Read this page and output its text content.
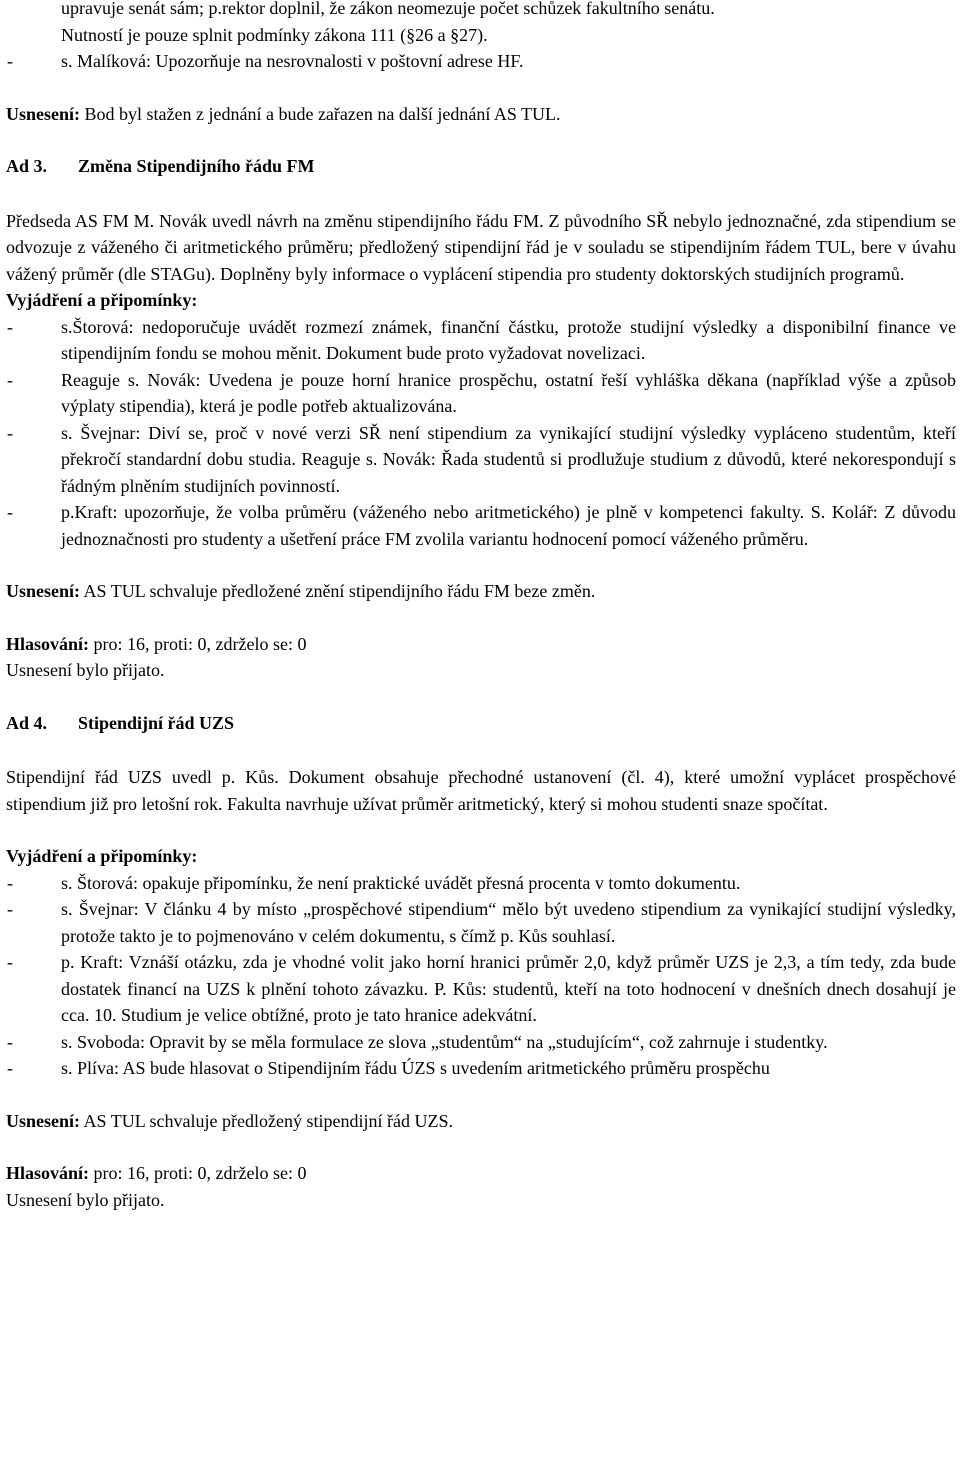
upravuje senát sám; p.rektor doplnil, že zákon neomezuje počet schůzek fakultního senátu.
Nutností je pouze splnit podmínky zákona 111 (§26 a §27).

-	s. Malíková: Upozorňuje na nesrovnalosti v poštovní adrese HF.

Usnesení: Bod byl stažen z jednání a bude zařazen na další jednání AS TUL.

Ad 3. Změna Stipendijního řádu FM

Předseda AS FM M. Novák uvedl návrh na změnu stipendijního řádu FM. Z původního SŘ nebylo jednoznačné, zda stipendium se odvozuje z váženého či aritmetického průměru; předložený stipendijní řád je v souladu se stipendijním řádem TUL, bere v úvahu vážený průměr (dle STAGu). Doplněny byly informace o vyplácení stipendia pro studenty doktorských studijních programů.

Vyjádření a připomínky:

-	s.Štorová: nedoporučuje uvádět rozmezí známek, finanční částku, protože studijní výsledky a disponibilní finance ve stipendijním fondu se mohou měnit. Dokument bude proto vyžadovat novelizaci.
-	Reaguje s. Novák: Uvedena je pouze horní hranice prospěchu, ostatní řeší vyhláška děkana (například výše a způsob výplaty stipendia), která je podle potřeb aktualizována.
-	s. Švejnar: Diví se, proč v nové verzi SŘ není stipendium za vynikající studijní výsledky vypláceno studentům, kteří překročí standardní dobu studia. Reaguje s. Novák: Řada studentů si prodlužuje studium z důvodů, které nekorespondují s řádným plněním studijních povinností.
-	p.Kraft: upozorňuje, že volba průměru (váženého nebo aritmetického) je plně v kompetenci fakulty. S. Kolář: Z důvodu jednoznačnosti pro studenty a ušetření práce FM zvolila variantu hodnocení pomocí váženého průměru.

Usnesení: AS TUL schvaluje předložené znění stipendijního řádu FM beze změn.

Hlasování: pro: 16, proti: 0, zdrželo se: 0

Usnesení bylo přijato.

Ad 4. Stipendijní řád UZS

Stipendijní řád UZS uvedl p. Kůs. Dokument obsahuje přechodné ustanovení (čl. 4), které umožní vyplácet prospěchové stipendium již pro letošní rok. Fakulta navrhuje užívat průměr aritmetický, který si mohou studenti snaze spočítat.

Vyjádření a připomínky:

-	s. Štorová: opakuje připomínku, že není praktické uvádět přesná procenta v tomto dokumentu.
-	s. Švejnar: V článku 4 by místo „prospěchové stipendium“ mělo být uvedeno stipendium za vynikající studijní výsledky, protože takto je to pojmenováno v celém dokumentu, s čímž p. Kůs souhlasí.
-	p. Kraft: Vznáší otázku, zda je vhodné volit jako horní hranici průměr 2,0, když průměr UZS je 2,3, a tím tedy, zda bude dostatek financí na UZS k plnění tohoto závazku. P. Kůs: studentů, kteří na toto hodnocení v dnešních dnech dosahují je cca. 10. Studium je velice obtížné, proto je tato hranice adekvátní.
-	s. Svoboda: Opravit by se měla formulace ze slova „studentům“ na „studujícím“, což zahrnuje i studentky.
-	s. Plíva: AS bude hlasovat o Stipendijním řádu ÚZS s uvedením aritmetického průměru prospěchu

Usnesení: AS TUL schvaluje předložený stipendijní řád UZS.

Hlasování: pro: 16, proti: 0, zdrželo se: 0

Usnesení bylo přijato.
